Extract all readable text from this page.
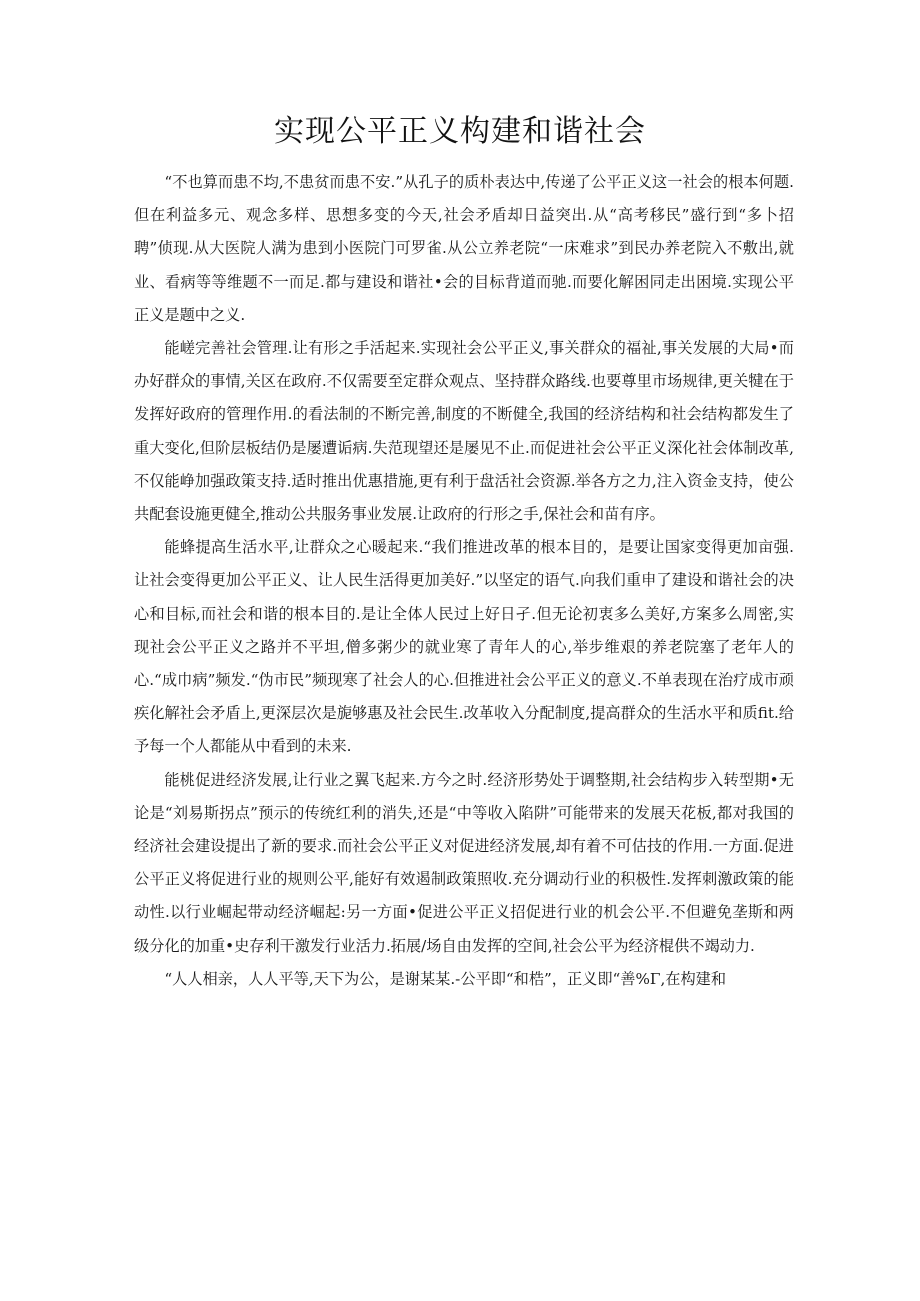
实现公平正义构建和谐社会

“不也算而患不均,不患贫而患不安.”从孔子的质朴表达中,传递了公平正义这一社会的根本何题.但在利益多元、观念多样、思想多变的今天,社会矛盾却日益突出.从“高考移民”盛行到“多卜招聘”侦现.从大医院人满为患到小医院门可罗雀.从公立养老院“一床难求”到民办养老院入不敷出,就业、看病等等维题不一而足.都与建设和谐社•会的目标背道而驰.而要化解困同走出困境.实现公平正义是题中之义.

能嵯完善社会管理.让有形之手活起来.实现社会公平正义,事关群众的福祉,事关发展的大局•而办好群众的事情,关区在政府.不仅需要至定群众观点、坚持群众路线.也要尊里市场规律,更关犍在于发挥好政府的管理作用.的看法制的不断完善,制度的不断健全,我国的经济结构和社会结构都发生了重大变化,但阶层板结仍是屡遭诟病.失范现望还是屡见不止.而促进社会公平正义深化社会体制改革,不仅能峥加强政策支持.适时推出优惠措施,更有利于盘活社会资源.举各方之力,注入资金支持，使公共配套设施更健全,推动公共服务事业发展.让政府的行形之手,保社会和苗有序。

能蜂提高生活水平,让群众之心暖起来.“我们推进改革的根本目的，是要让国家变得更加亩强.让社会变得更加公平正义、让人民生活得更加美好.”以坚定的语气.向我们重申了建设和谐社会的决心和目标,而社会和谐的根本目的.是让全体人民过上好日孑.但无论初衷多么美好,方案多么周密,实现社会公平正义之路并不平坦,僧多粥少的就业寒了青年人的心,举步维艰的养老院塞了老年人的心.“成巾病”频发.“伪市民”频现寒了社会人的心.但推进社会公平正义的意义.不单表现在治疗成市顽疾化解社会矛盾上,更深层次是旎够惠及社会民生.改革收入分配制度,提高群众的生活水平和质fit.给予每一个人都能从中看到的未来.

能桃促进经济发展,让行业之翼飞起来.方今之时.经济形势处于调整期,社会结构步入转型期•无论是“刘易斯拐点”预示的传统红利的消失,还是“中等收入陷阱”可能带来的发展天花板,都对我国的经济社会建设提出了新的要求.而社会公平正义对促进经济发展,却有着不可估技的作用.一方面.促进公平正义将促进行业的规则公平,能好有效遏制政策照收.充分调动行业的积极性.发挥刺激政策的能动性.以行业崛起带动经济崛起:另一方面•促进公平正义招促进行业的机会公平.不但避免垄斯和两级分化的加重•史存利干激发行业活力.拓展/场自由发挥的空间,社会公平为经济棍供不竭动力.

“人人相亲，人人平等,天下为公，是谢某某.-公平即“和梏”，正义即“善%Γ,在构建和
